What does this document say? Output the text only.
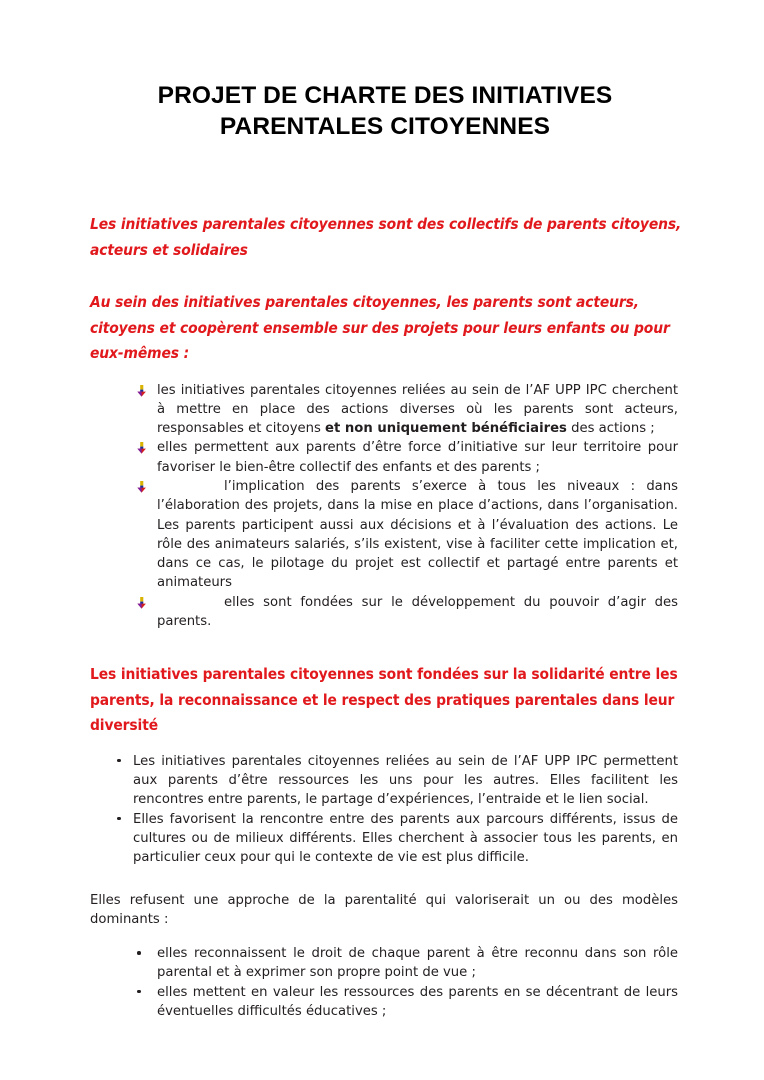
PROJET DE CHARTE DES INITIATIVES PARENTALES CITOYENNES

Les initiatives parentales citoyennes sont des collectifs de parents citoyens, acteurs et solidaires

Au sein des initiatives parentales citoyennes, les parents sont acteurs, citoyens et coopèrent ensemble sur des projets pour leurs enfants ou pour eux-mêmes :

les initiatives parentales citoyennes reliées au sein de l’AF UPP IPC cherchent à mettre en place des actions diverses où les parents sont acteurs, responsables et citoyens et non uniquement bénéficiaires des actions ;
elles permettent aux parents d’être force d’initiative sur leur territoire pour favoriser le bien-être collectif des enfants et des parents ;
l’implication des parents s’exerce à tous les niveaux : dans l’élaboration des projets, dans la mise en place d’actions, dans l’organisation. Les parents participent aussi aux décisions et à l’évaluation des actions. Le rôle des animateurs salariés, s’ils existent, vise à faciliter cette implication et, dans ce cas, le pilotage du projet est collectif et partagé entre parents et animateurs
elles sont fondées sur le développement du pouvoir d’agir des parents.

Les initiatives parentales citoyennes sont fondées sur la solidarité entre les parents, la reconnaissance et le respect des pratiques parentales dans leur diversité

Les initiatives parentales citoyennes reliées au sein de l’AF UPP IPC permettent aux parents d’être ressources les uns pour les autres. Elles facilitent les rencontres entre parents, le partage d’expériences, l’entraide et le lien social.
Elles favorisent la rencontre entre des parents aux parcours différents, issus de cultures ou de milieux différents. Elles cherchent à associer tous les parents, en particulier ceux pour qui le contexte de vie est plus difficile.

Elles refusent une approche de la parentalité qui valoriserait un ou des modèles dominants :

elles reconnaissent le droit de chaque parent à être reconnu dans son rôle parental et à exprimer son propre point de vue ;
elles mettent en valeur les ressources des parents en se décentrant de leurs éventuelles difficultés éducatives ;
